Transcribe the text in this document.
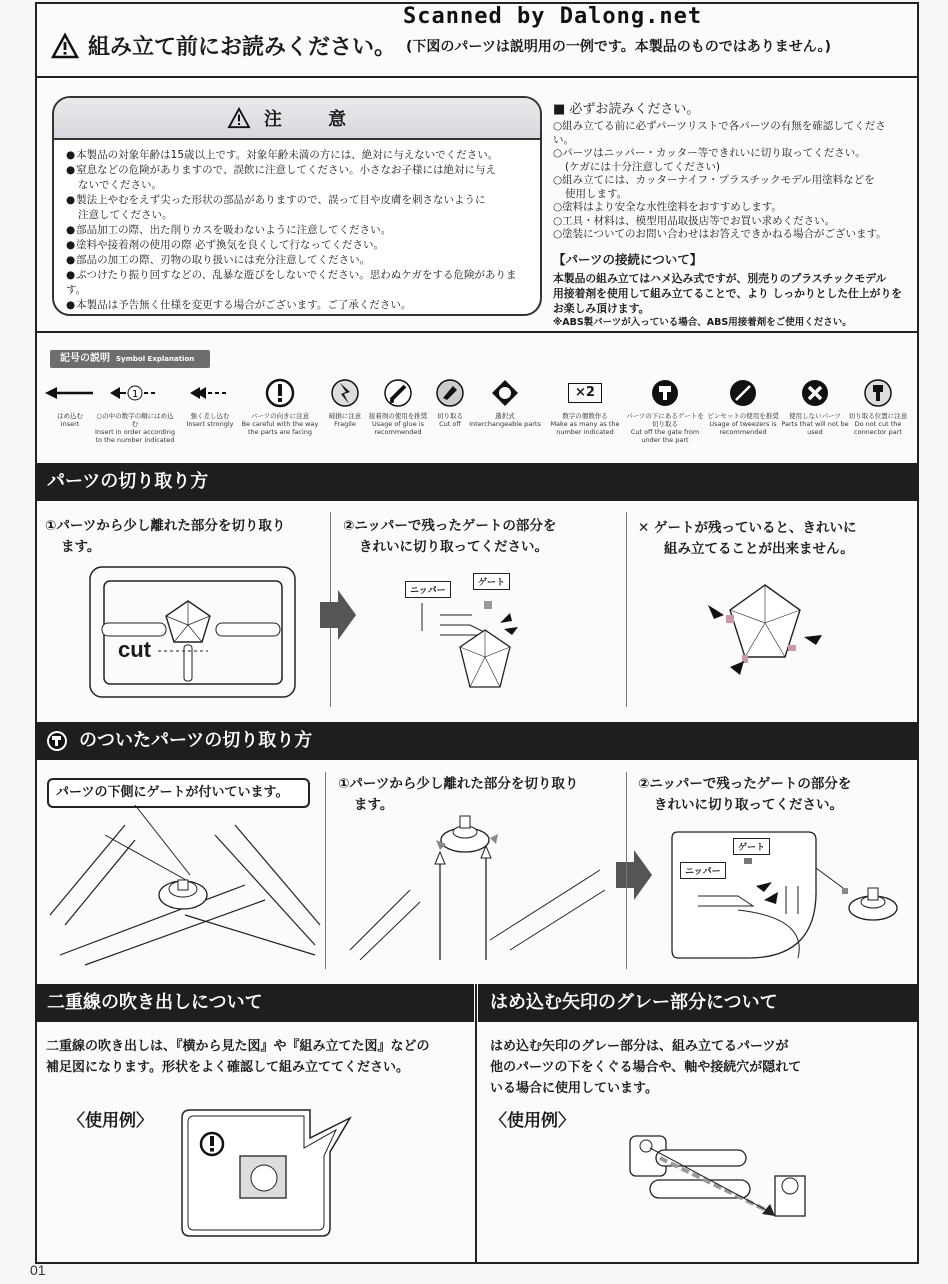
Scanned by Dalong.net
組み立て前にお読みください。 (下図のパーツは説明用の一例です。本製品のものではありません。)
注 意
● 本製品の対象年齢は15歳以上です。対象年齢未満の方には、絶対に与えないでください。
● 窒息などの危険がありますので、誤飲に注意してください。小さなお子様には絶対に与え
ないでください。
● 製法上やむをえず尖った形状の部品がありますので、誤って目や皮膚を刺さないように
注意してください。
● 部品加工の際、出た削りカスを吸わないように注意してください。
● 塗料や接着剤の使用の際 必ず換気を良くして行なってください。
● 部品の加工の際、刃物の取り扱いには充分注意してください。
● ぶつけたり振り回すなどの、乱暴な遊びをしないでください。思わぬケガをする危険があります。
● 本製品は予告無く仕様を変更する場合がございます。ご了承ください。
■ 必ずお読みください。

○組み立てる前に必ずパーツリストで各パーツの有無を確認してください。

○パーツはニッパー・カッター等できれいに切り取ってください。

(ケガには十分注意してください)

○組み立てには、カッターナイフ・プラスチックモデル用塗料などを

使用します。

○塗料はより安全な水性塗料をおすすめします。

○工具・材料は、模型用品取扱店等でお買い求めください。

○塗装についてのお問い合わせはお答えできかねる場合がございます。

【パーツの接続について】

本製品の組み立てはハメ込み式ですが、別売りのプラスチックモデル

用接着剤を使用して組み立てることで、より しっかりとした仕上がりを

お楽しみ頂けます。

※ABS製パーツが入っている場合、ABS用接着剤をご使用ください。

記号の説明 Symbol Explanation
はめ込む
Insert
1
○の中の数字の順にはめ込む
Insert in order according to the number indicated
強く差し込む
Insert strongly
パーツの向きに注意
Be careful with the way the parts are facing
破損に注意
Fragile
接着剤の使用を推奨
Usage of glue is recommended
切り取る
Cut off
選択式
Interchangeable parts
×2
数字の個数作る
Make as many as the number indicated
パーツの下にあるゲートを切り取る
Cut off the gate from under the part
ピンセットの使用を推奨
Usage of tweezers is recommended
使用しないパーツ
Parts that will not be used
切り取る位置に注意
Do not cut the connector part
パーツの切り取り方
①パーツから少し離れた部分を切り取り
ます。
②ニッパーで残ったゲートの部分を
きれいに切り取ってください。
✕ ゲートが残っていると、きれいに
組み立てることが出来ません。
cut
ニッパー
ゲート
のついたパーツの切り取り方
パーツの下側にゲートが付いています。
①パーツから少し離れた部分を切り取り
ます。
②ニッパーで残ったゲートの部分を
きれいに切り取ってください。
ゲート
ニッパー
二重線の吹き出しについて	はめ込む矢印のグレー部分について
二重線の吹き出しは、『横から見た図』や『組み立てた図』などの
補足図になります。形状をよく確認して組み立ててください。
〈使用例〉
はめ込む矢印のグレー部分は、組み立てるパーツが
他のパーツの下をくぐる場合や、軸や接続穴が隠れて
いる場合に使用しています。
〈使用例〉
01
